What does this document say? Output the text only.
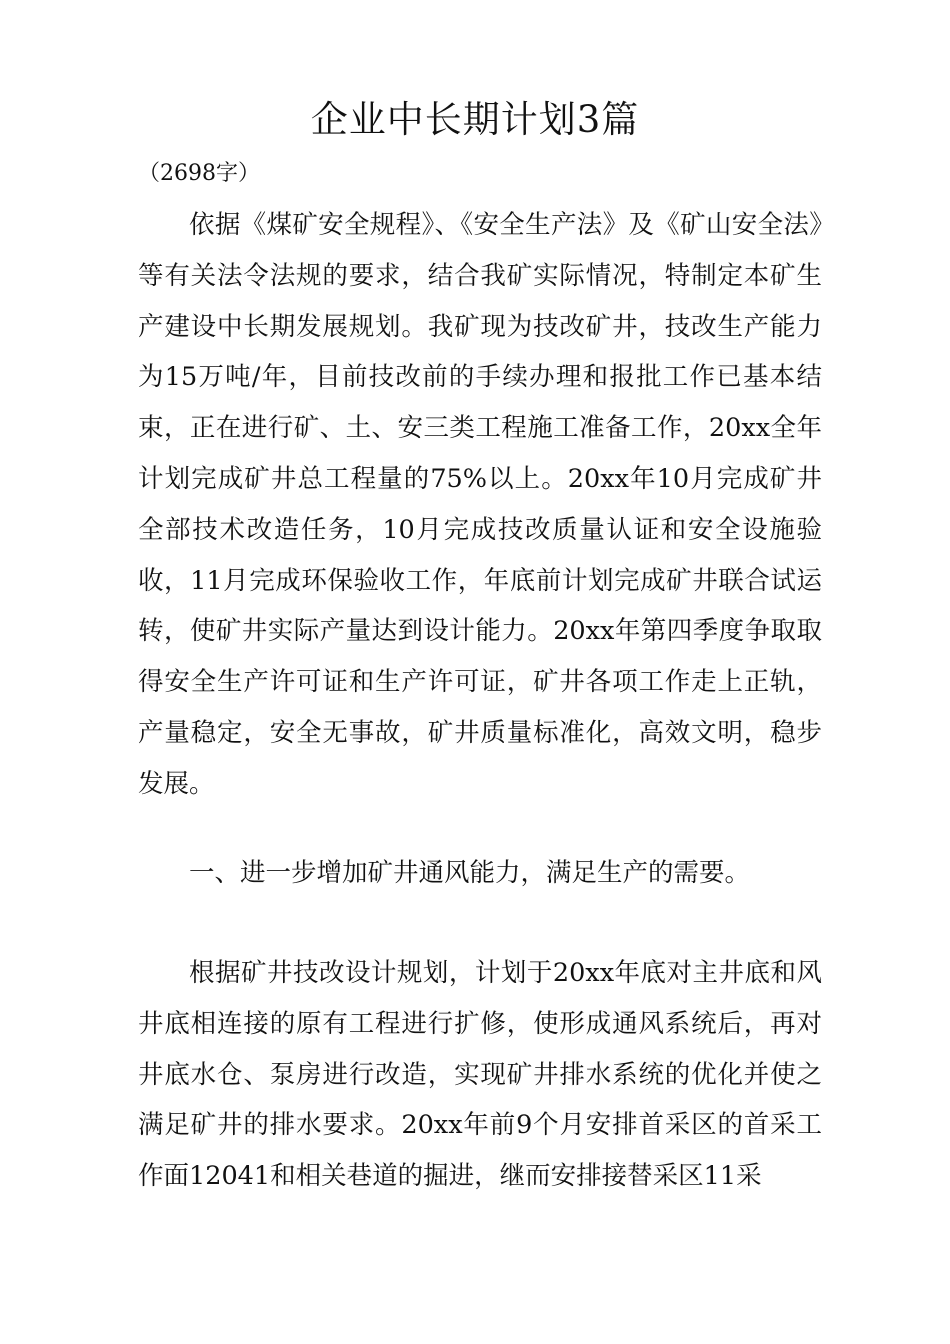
企业中长期计划3篇

（2698字）

依据《煤矿安全规程》、《安全生产法》及《矿山安全法》等有关法令法规的要求，结合我矿实际情况，特制定本矿生产建设中长期发展规划。我矿现为技改矿井，技改生产能力为15万吨/年，目前技改前的手续办理和报批工作已基本结束，正在进行矿、土、安三类工程施工准备工作，20xx全年计划完成矿井总工程量的75%以上。20xx年10月完成矿井全部技术改造任务，10月完成技改质量认证和安全设施验收，11月完成环保验收工作，年底前计划完成矿井联合试运转，使矿井实际产量达到设计能力。20xx年第四季度争取取得安全生产许可证和生产许可证，矿井各项工作走上正轨，产量稳定，安全无事故，矿井质量标准化，高效文明，稳步发展。

一、进一步增加矿井通风能力，满足生产的需要。

根据矿井技改设计规划，计划于20xx年底对主井底和风井底相连接的原有工程进行扩修，使形成通风系统后，再对井底水仓、泵房进行改造，实现矿井排水系统的优化并使之满足矿井的排水要求。20xx年前9个月安排首采区的首采工作面12041和相关巷道的掘进，继而安排接替采区11采
